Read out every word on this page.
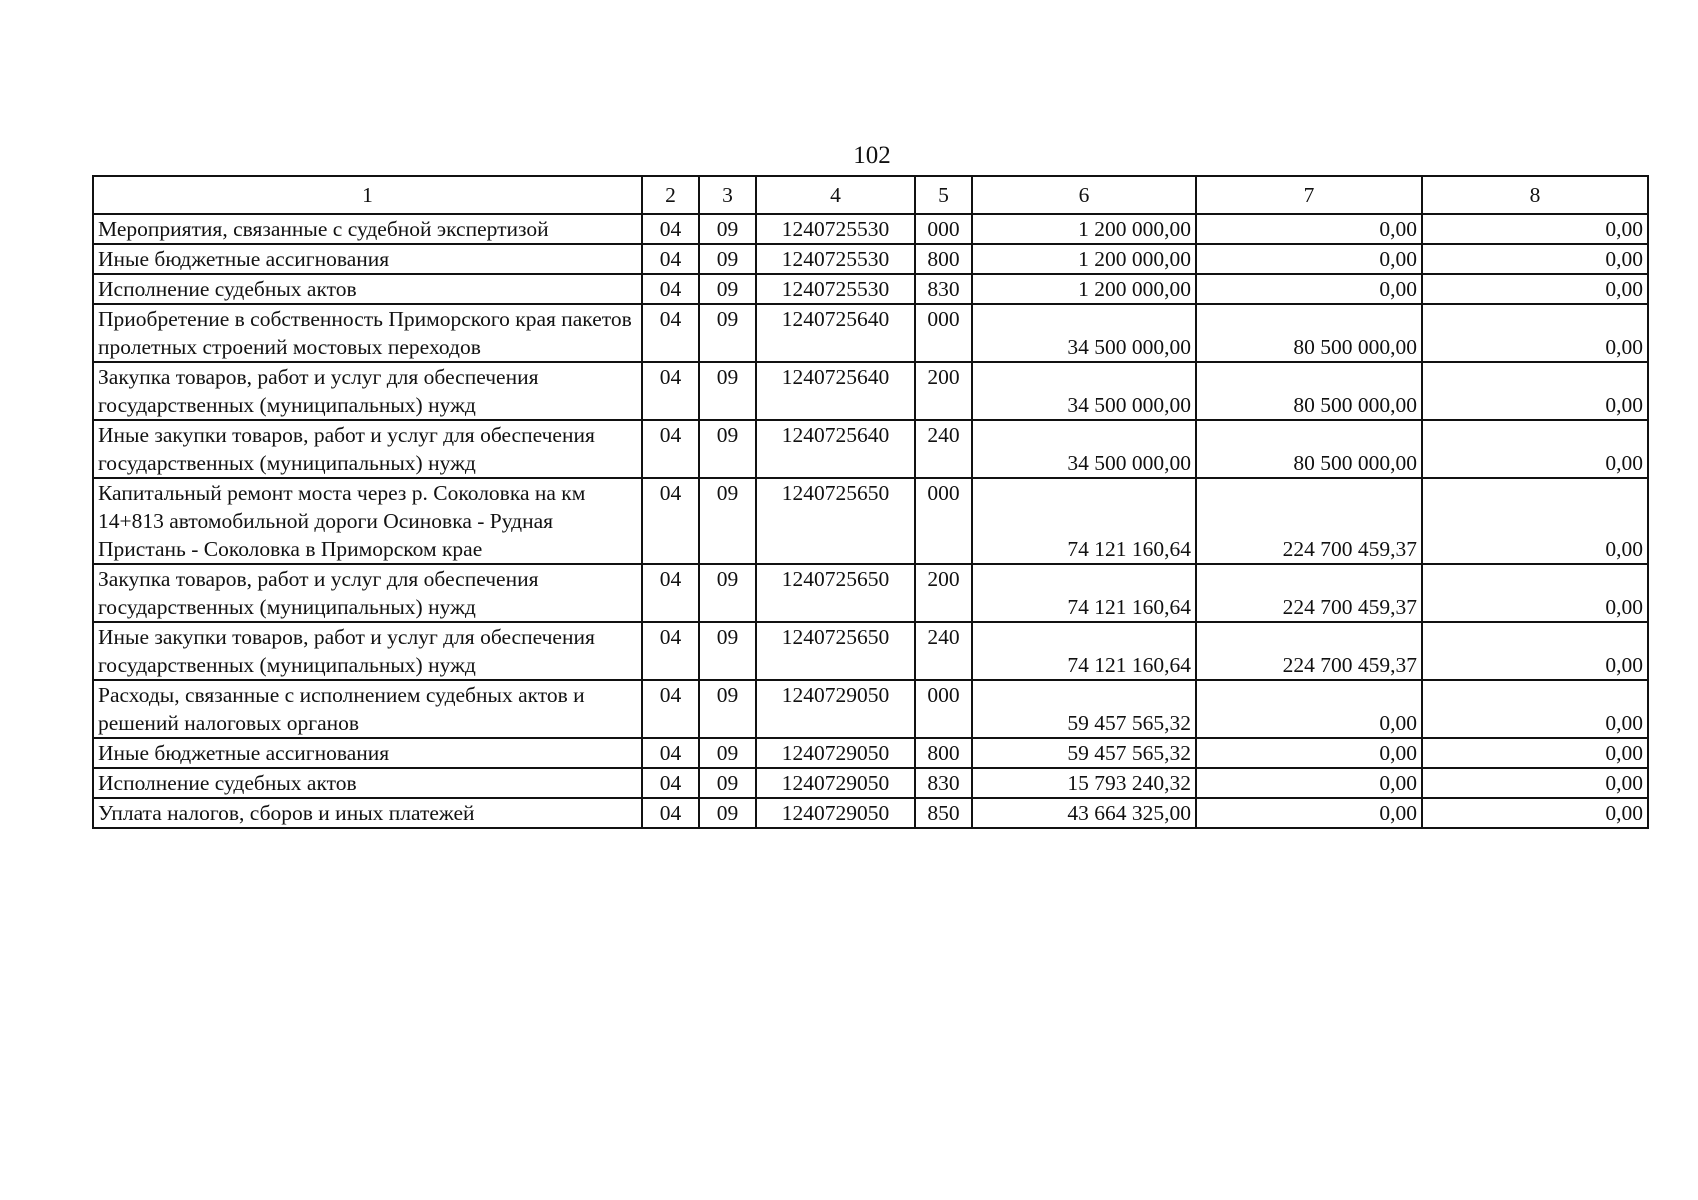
102
1	2	3	4	5	6	7	8
Мероприятия, связанные с судебной экспертизой	04	09	1240725530	000	1 200 000,00	0,00	0,00
Иные бюджетные ассигнования	04	09	1240725530	800	1 200 000,00	0,00	0,00
Исполнение судебных актов	04	09	1240725530	830	1 200 000,00	0,00	0,00
Приобретение в собственность Приморского края пакетов пролетных строений мостовых переходов	04	09	1240725640	000	34 500 000,00	80 500 000,00	0,00
Закупка товаров, работ и услуг для обеспечения государственных (муниципальных) нужд	04	09	1240725640	200	34 500 000,00	80 500 000,00	0,00
Иные закупки товаров, работ и услуг для обеспечения государственных (муниципальных) нужд	04	09	1240725640	240	34 500 000,00	80 500 000,00	0,00
Капитальный ремонт моста через р. Соколовка на км 14+813 автомобильной дороги Осиновка - Рудная Пристань - Соколовка в Приморском крае	04	09	1240725650	000	74 121 160,64	224 700 459,37	0,00
Закупка товаров, работ и услуг для обеспечения государственных (муниципальных) нужд	04	09	1240725650	200	74 121 160,64	224 700 459,37	0,00
Иные закупки товаров, работ и услуг для обеспечения государственных (муниципальных) нужд	04	09	1240725650	240	74 121 160,64	224 700 459,37	0,00
Расходы, связанные с исполнением судебных актов и решений налоговых органов	04	09	1240729050	000	59 457 565,32	0,00	0,00
Иные бюджетные ассигнования	04	09	1240729050	800	59 457 565,32	0,00	0,00
Исполнение судебных актов	04	09	1240729050	830	15 793 240,32	0,00	0,00
Уплата налогов, сборов и иных платежей	04	09	1240729050	850	43 664 325,00	0,00	0,00
